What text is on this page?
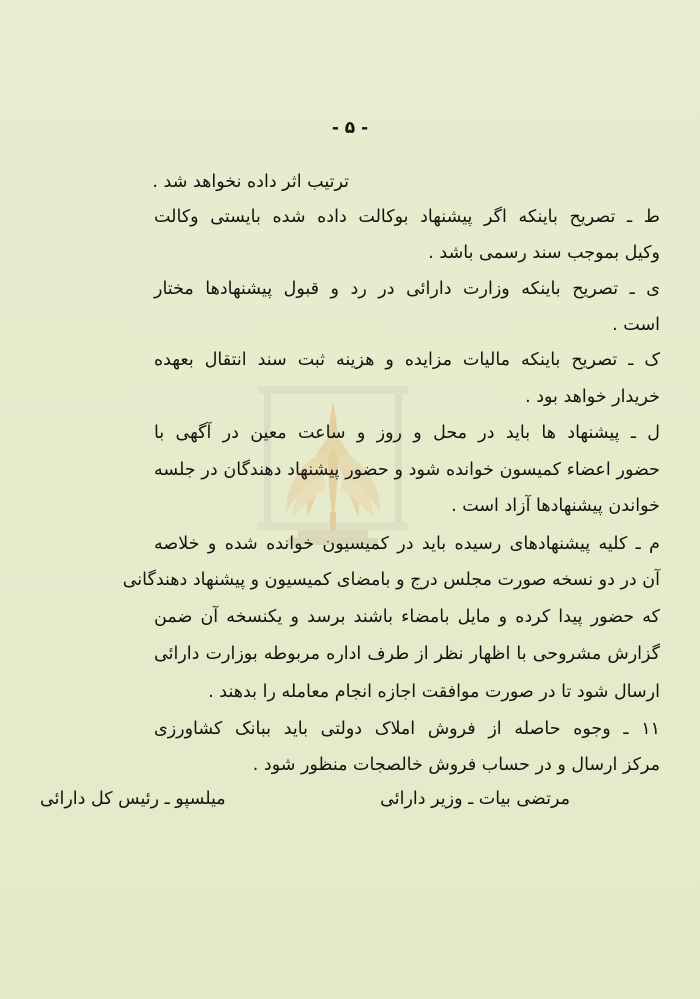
- ۵ -
ترتیب اثر داده نخواهد شد .
ط ـ تصریح باینکه اگر پیشنهاد بوکالت داده شده بایستی وکالت
وکیل بموجب سند رسمی باشد .
ی ـ تصریح باینکه وزارت دارائی در رد و قبول پیشنهادها مختار
است .
ک ـ تصریح باینکه مالیات مزایده و هزینه ثبت سند انتقال بعهده
خریدار خواهد بود .
ل ـ پیشنهاد ها باید در محل و روز و ساعت معین در آگهی با
حضور اعضاء کمیسون خوانده شود و حضور پیشنهاد دهندگان در جلسه
خواندن پیشنهادها آزاد است .
م ـ کلیه پیشنهادهای رسیده باید در کمیسیون خوانده شده و خلاصه
آن در دو نسخه صورت مجلس درج و بامضای کمیسیون و پیشنهاد دهندگانی
که حضور پیدا کرده و مایل بامضاء باشند برسد و یکنسخه آن ضمن
گزارش مشروحی با اظهار نظر از طرف اداره مربوطه بوزارت دارائی
ارسال شود تا در صورت موافقت اجازه انجام معامله را بدهند .
۱۱ ـ وجوه حاصله از فروش املاک دولتی باید ببانک کشاورزی
مرکز ارسال و در حساب فروش خالصجات منظور شود .
مرتضی بیات ـ وزیر دارائی
میلسپو ـ رئیس کل دارائی
